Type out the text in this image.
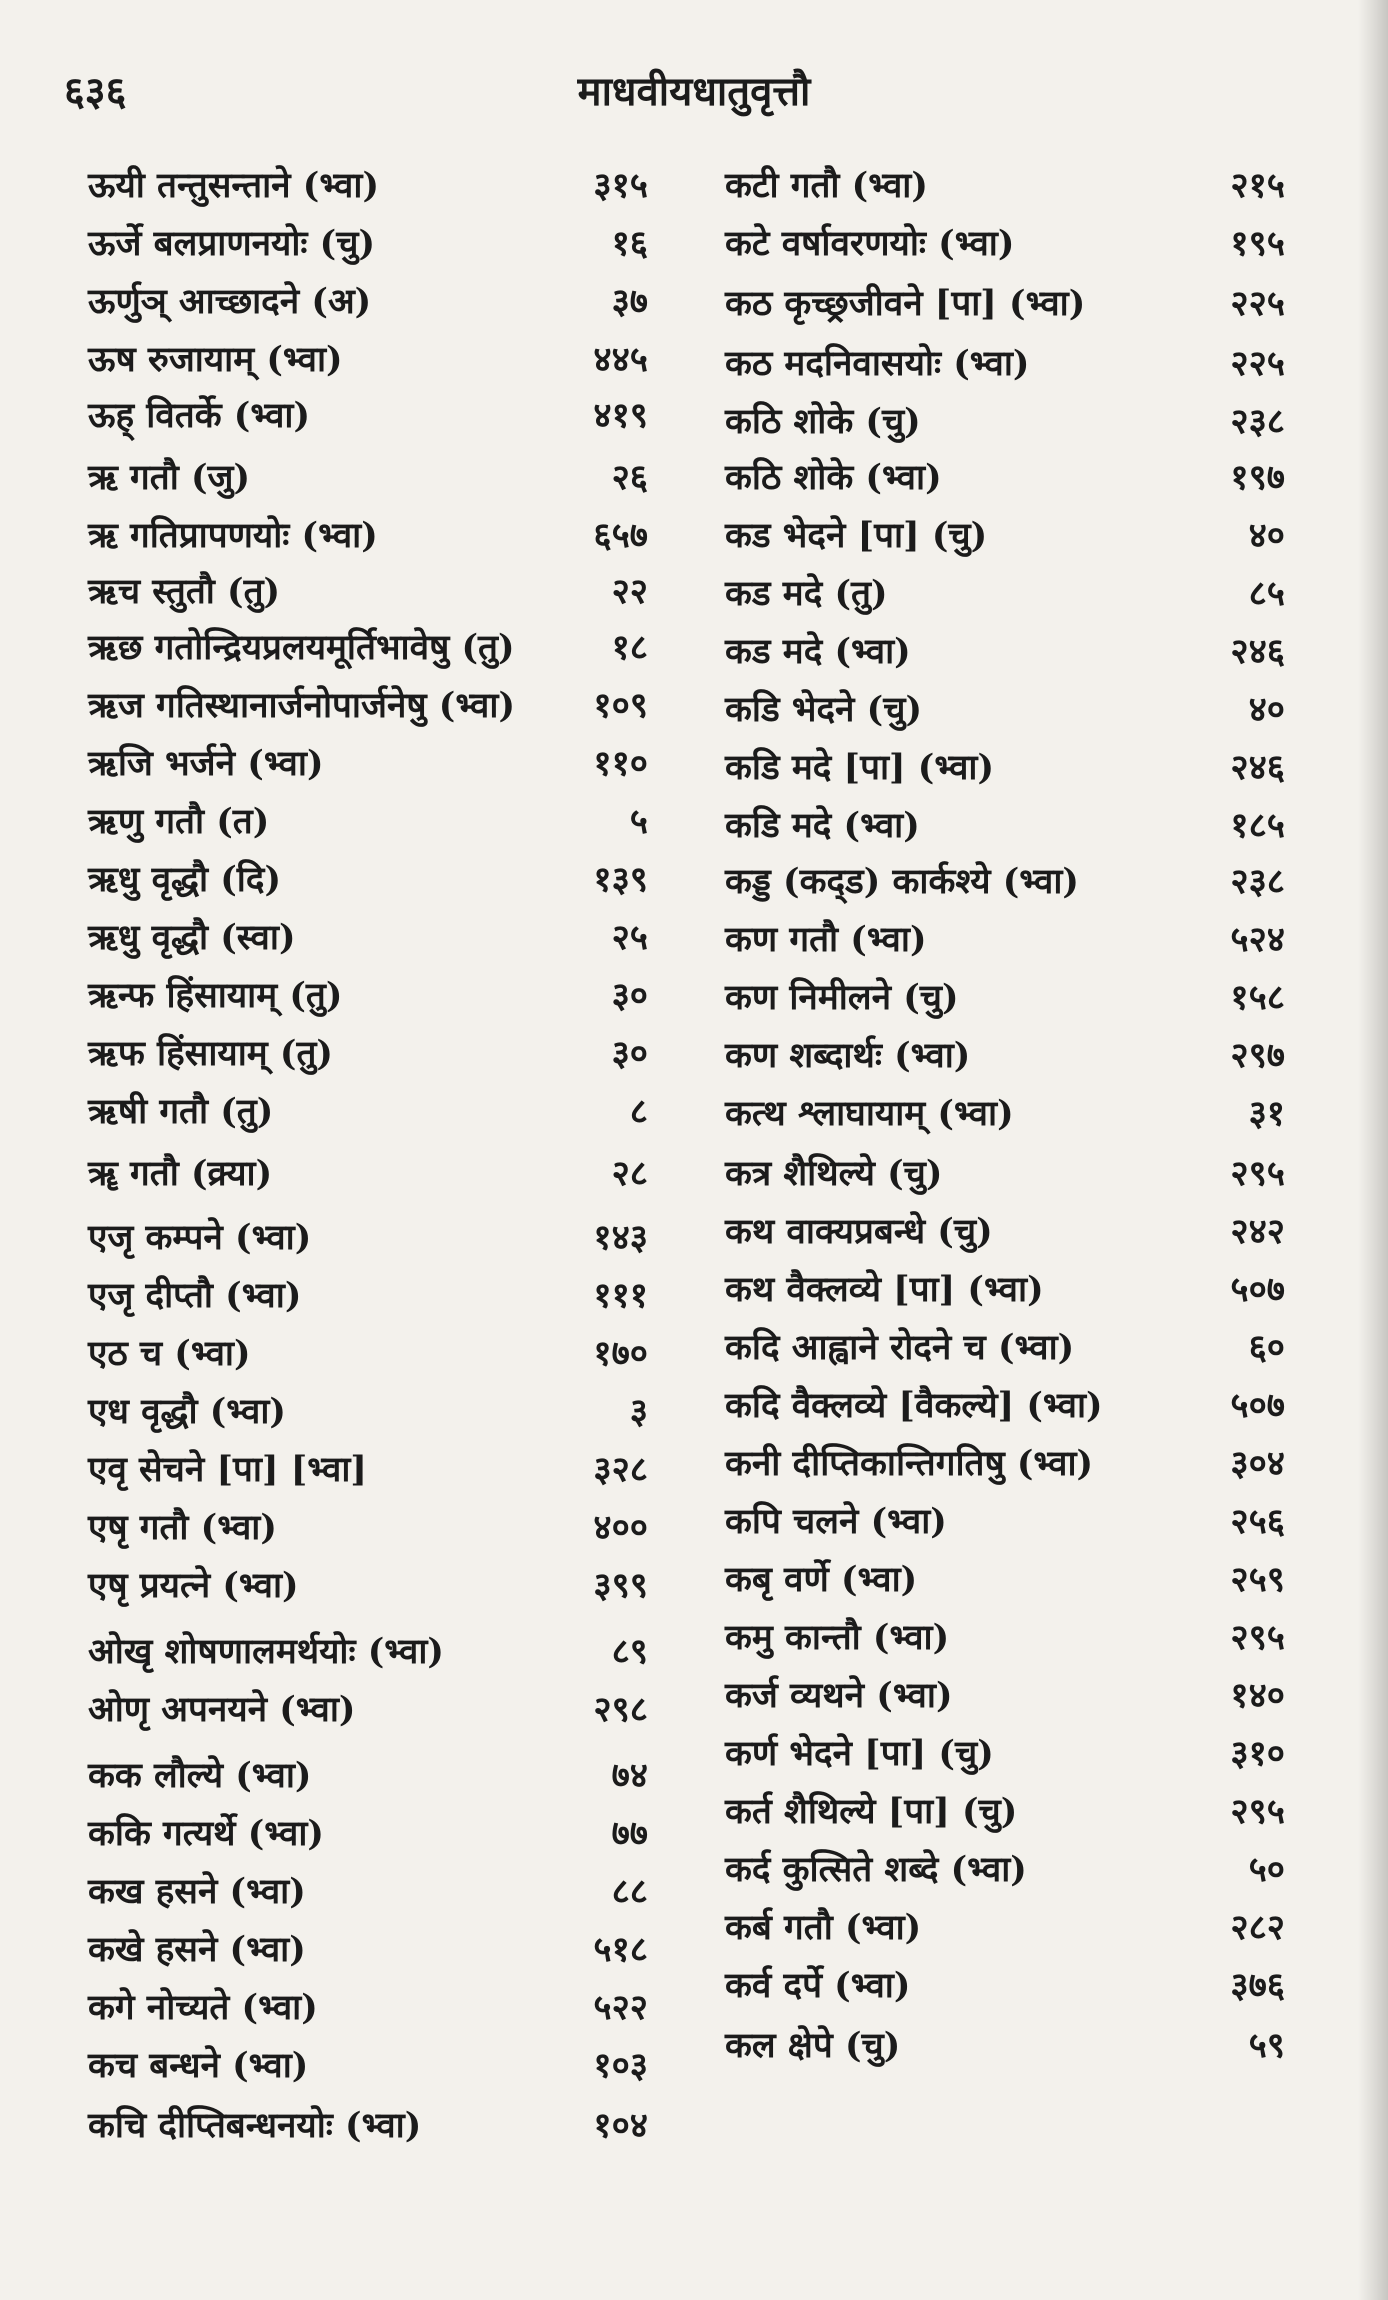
६३६	माधवीयधातुवृत्तौ
ऊयी तन्तुसन्ताने (भ्वा)	३१५
ऊर्जे बलप्राणनयोः (चु)	१६
ऊर्णुञ् आच्छादने (अ)	३७
ऊष रुजायाम् (भ्वा)	४४५
ऊह् वितर्के (भ्वा)	४१९
ऋ गतौ (जु)	२६
ऋ गतिप्रापणयोः (भ्वा)	६५७
ऋच स्तुतौ (तु)	२२
ऋछ गतोन्द्रियप्रलयमूर्तिभावेषु (तु)	१८
ऋज गतिस्थानार्जनोपार्जनेषु (भ्वा) १०९
ऋजि भर्जने (भ्वा)	११०
ऋणु गतौ (त)	५
ऋधु वृद्धौ (दि)	१३९
ऋधु वृद्धौ (स्वा)	२५
ऋन्फ हिंसायाम् (तु)	३०
ऋफ हिंसायाम् (तु)	३०
ऋषी गतौ (तु)	८
ॠ गतौ (क्र्या)	२८
एजृ कम्पने (भ्वा)	१४३
एजृ दीप्तौ (भ्वा)	१११
एठ च (भ्वा)	१७०
एध वृद्धौ (भ्वा)	३
एवृ सेचने [पा] [भ्वा]	३२८
एषृ गतौ (भ्वा)	४००
एषृ प्रयत्ने (भ्वा)	३९९
ओखृ शोषणालमर्थयोः (भ्वा)	८९
ओणृ अपनयने (भ्वा)	२९८
कक लौल्ये (भ्वा)	७४
ककि गत्यर्थे (भ्वा)	७७
कख हसने (भ्वा)	८८
कखे हसने (भ्वा)	५१८
कगे नोच्यते (भ्वा)	५२२
कच बन्धने (भ्वा)	१०३
कचि दीप्तिबन्धनयोः (भ्वा)	१०४
कटी गतौ (भ्वा)	२१५
कटे वर्षावरणयोः (भ्वा)	१९५
कठ कृच्छ्रजीवने [पा] (भ्वा)	२२५
कठ मदनिवासयोः (भ्वा)	२२५
कठि शोके (चु)	२३८
कठि शोके (भ्वा)	१९७
कड भेदने [पा] (चु)	४०
कड मदे (तु)	८५
कड मदे (भ्वा)	२४६
कडि भेदने (चु)	४०
कडि मदे [पा] (भ्वा)	२४६
कडि मदे (भ्वा)	१८५
कड्ड (कद्ड) कार्कश्ये (भ्वा)	२३८
कण गतौ (भ्वा)	५२४
कण निमीलने (चु)	१५८
कण शब्दार्थः (भ्वा)	२९७
कत्थ श्लाघायाम् (भ्वा)	३१
कत्र शैथिल्ये (चु)	२९५
कथ वाक्यप्रबन्धे (चु)	२४२
कथ वैक्लव्ये [पा] (भ्वा)	५०७
कदि आह्वाने रोदने च (भ्वा)	६०
कदि वैक्लव्ये [वैकल्ये] (भ्वा)	५०७
कनी दीप्तिकान्तिगतिषु (भ्वा)	३०४
कपि चलने (भ्वा)	२५६
कबृ वर्णे (भ्वा)	२५९
कमु कान्तौ (भ्वा)	२९५
कर्ज व्यथने (भ्वा)	१४०
कर्ण भेदने [पा] (चु)	३१०
कर्त शैथिल्ये [पा] (चु)	२९५
कर्द कुत्सिते शब्दे (भ्वा)	५०
कर्ब गतौ (भ्वा)	२८२
कर्व दर्पे (भ्वा)	३७६
कल क्षेपे (चु)	५९
